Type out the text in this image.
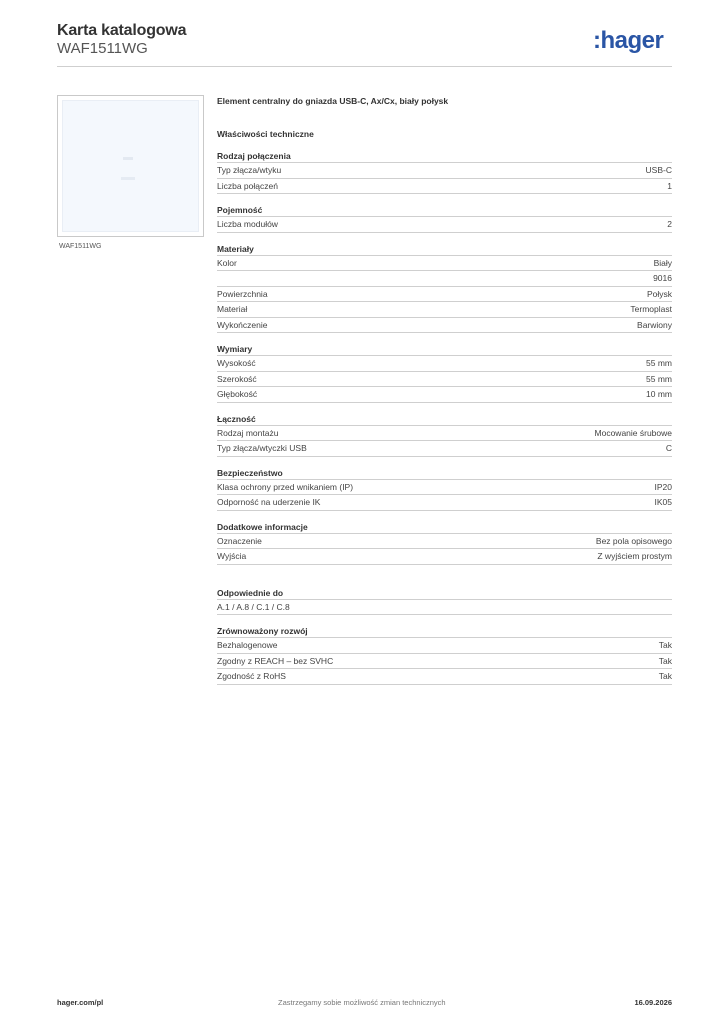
Karta katalogowa
WAF1511WG	:hager
WAF1511WG
Element centralny do gniazda USB-C, Ax/Cx, biały połysk
Właściwości techniczne
Rodzaj połączenia
Typ złącza/wtyku	USB-C
Liczba połączeń	1
Pojemność
Liczba modułów	2
Materiały
Kolor	Biały
9016
Powierzchnia	Połysk
Materiał	Termoplast
Wykończenie	Barwiony
Wymiary
Wysokość	55 mm
Szerokość	55 mm
Głębokość	10 mm
Łączność
Rodzaj montażu	Mocowanie śrubowe
Typ złącza/wtyczki USB	C
Bezpieczeństwo
Klasa ochrony przed wnikaniem (IP)	IP20
Odporność na uderzenie IK	IK05
Dodatkowe informacje
Oznaczenie	Bez pola opisowego
Wyjścia	Z wyjściem prostym
Odpowiednie do
A.1 / A.8 / C.1 / C.8
Zrównoważony rozwój
Bezhalogenowe	Tak
Zgodny z REACH – bez SVHC	Tak
Zgodność z RoHS	Tak
hager.com/pl	Zastrzegamy sobie możliwość zmian technicznych	16.09.2026
